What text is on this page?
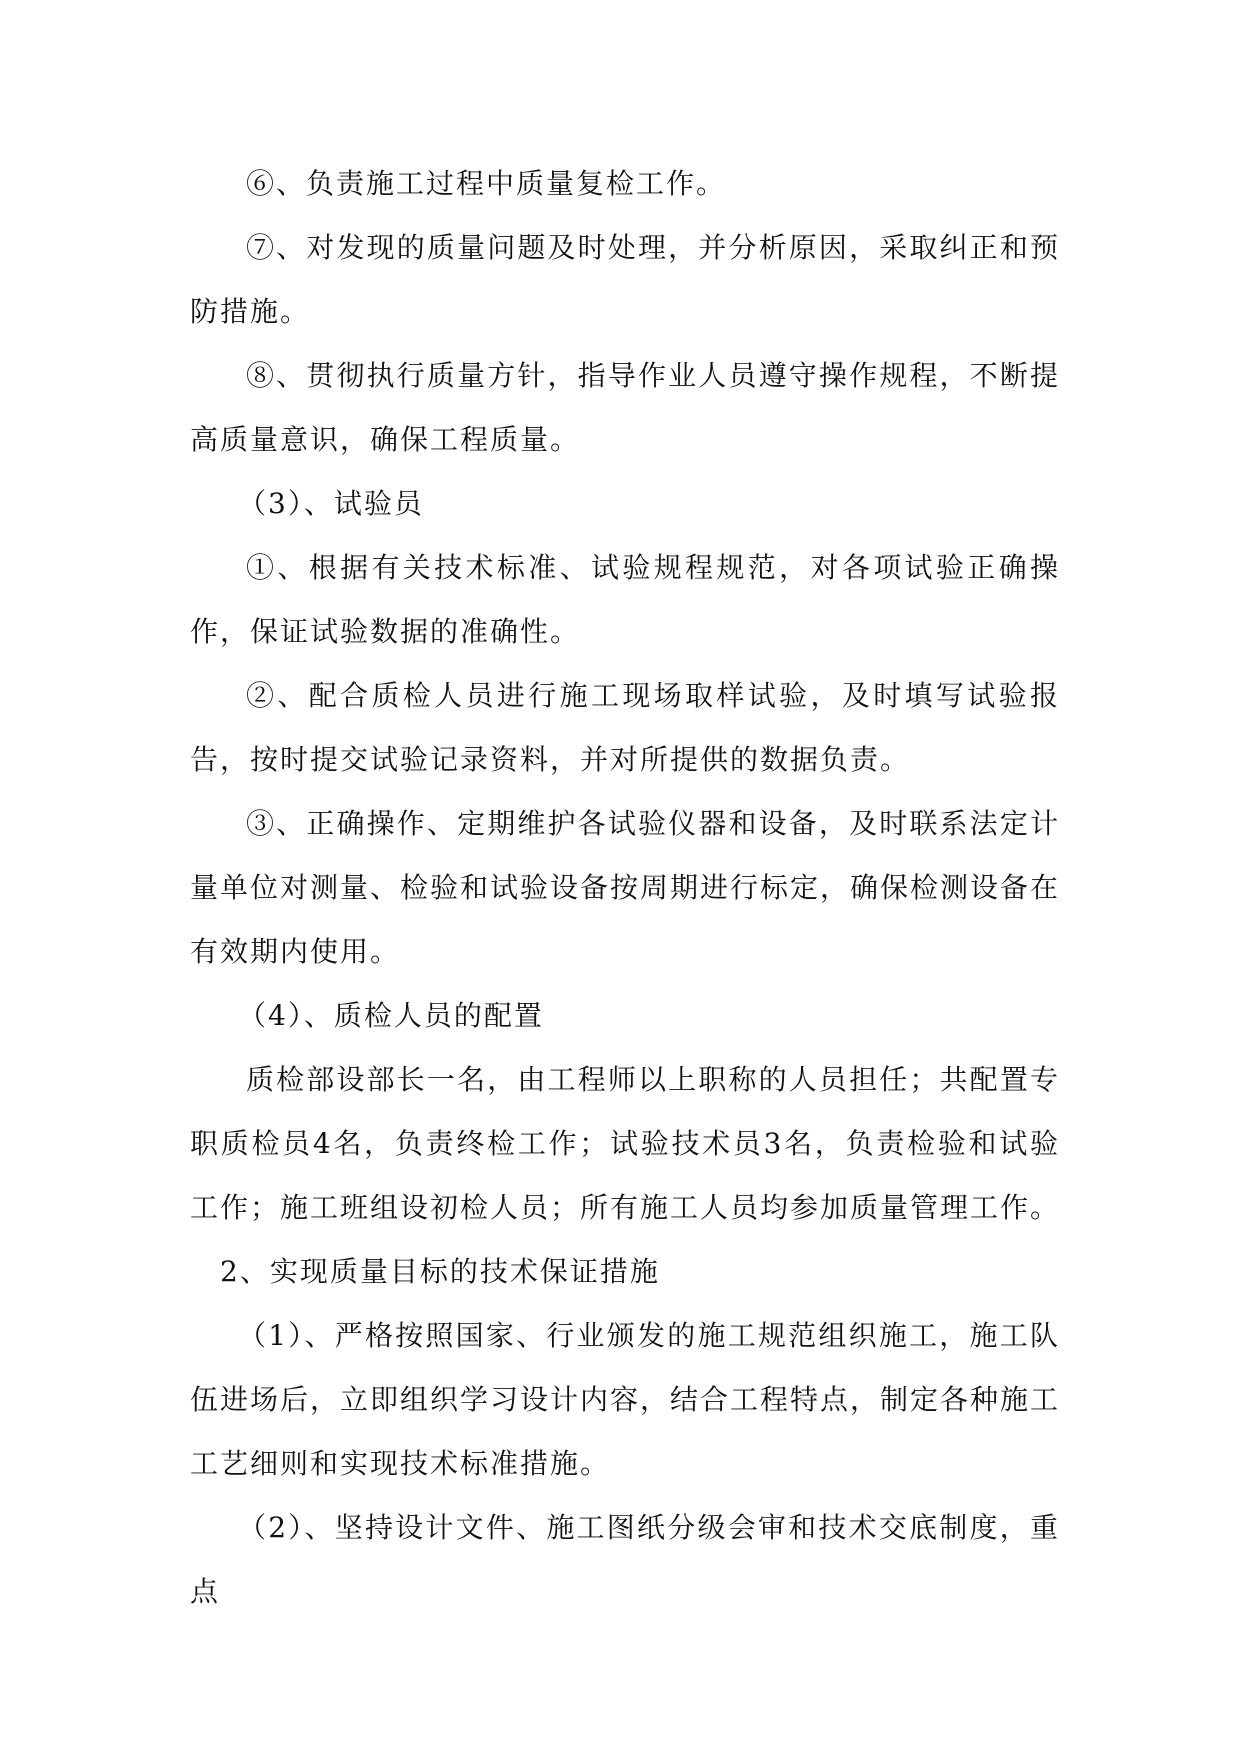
⑥、负责施工过程中质量复检工作。

⑦、对发现的质量问题及时处理，并分析原因，采取纠正和预防措施。

⑧、贯彻执行质量方针，指导作业人员遵守操作规程，不断提高质量意识，确保工程质量。

（3）、试验员

①、根据有关技术标准、试验规程规范，对各项试验正确操作，保证试验数据的准确性。

②、配合质检人员进行施工现场取样试验，及时填写试验报告，按时提交试验记录资料，并对所提供的数据负责。

③、正确操作、定期维护各试验仪器和设备，及时联系法定计量单位对测量、检验和试验设备按周期进行标定，确保检测设备在有效期内使用。

（4）、质检人员的配置

质检部设部长一名，由工程师以上职称的人员担任；共配置专职质检员4名，负责终检工作；试验技术员3名，负责检验和试验工作；施工班组设初检人员；所有施工人员均参加质量管理工作。

2、实现质量目标的技术保证措施

（1）、严格按照国家、行业颁发的施工规范组织施工，施工队伍进场后，立即组织学习设计内容，结合工程特点，制定各种施工工艺细则和实现技术标准措施。

（2）、坚持设计文件、施工图纸分级会审和技术交底制度，重点
